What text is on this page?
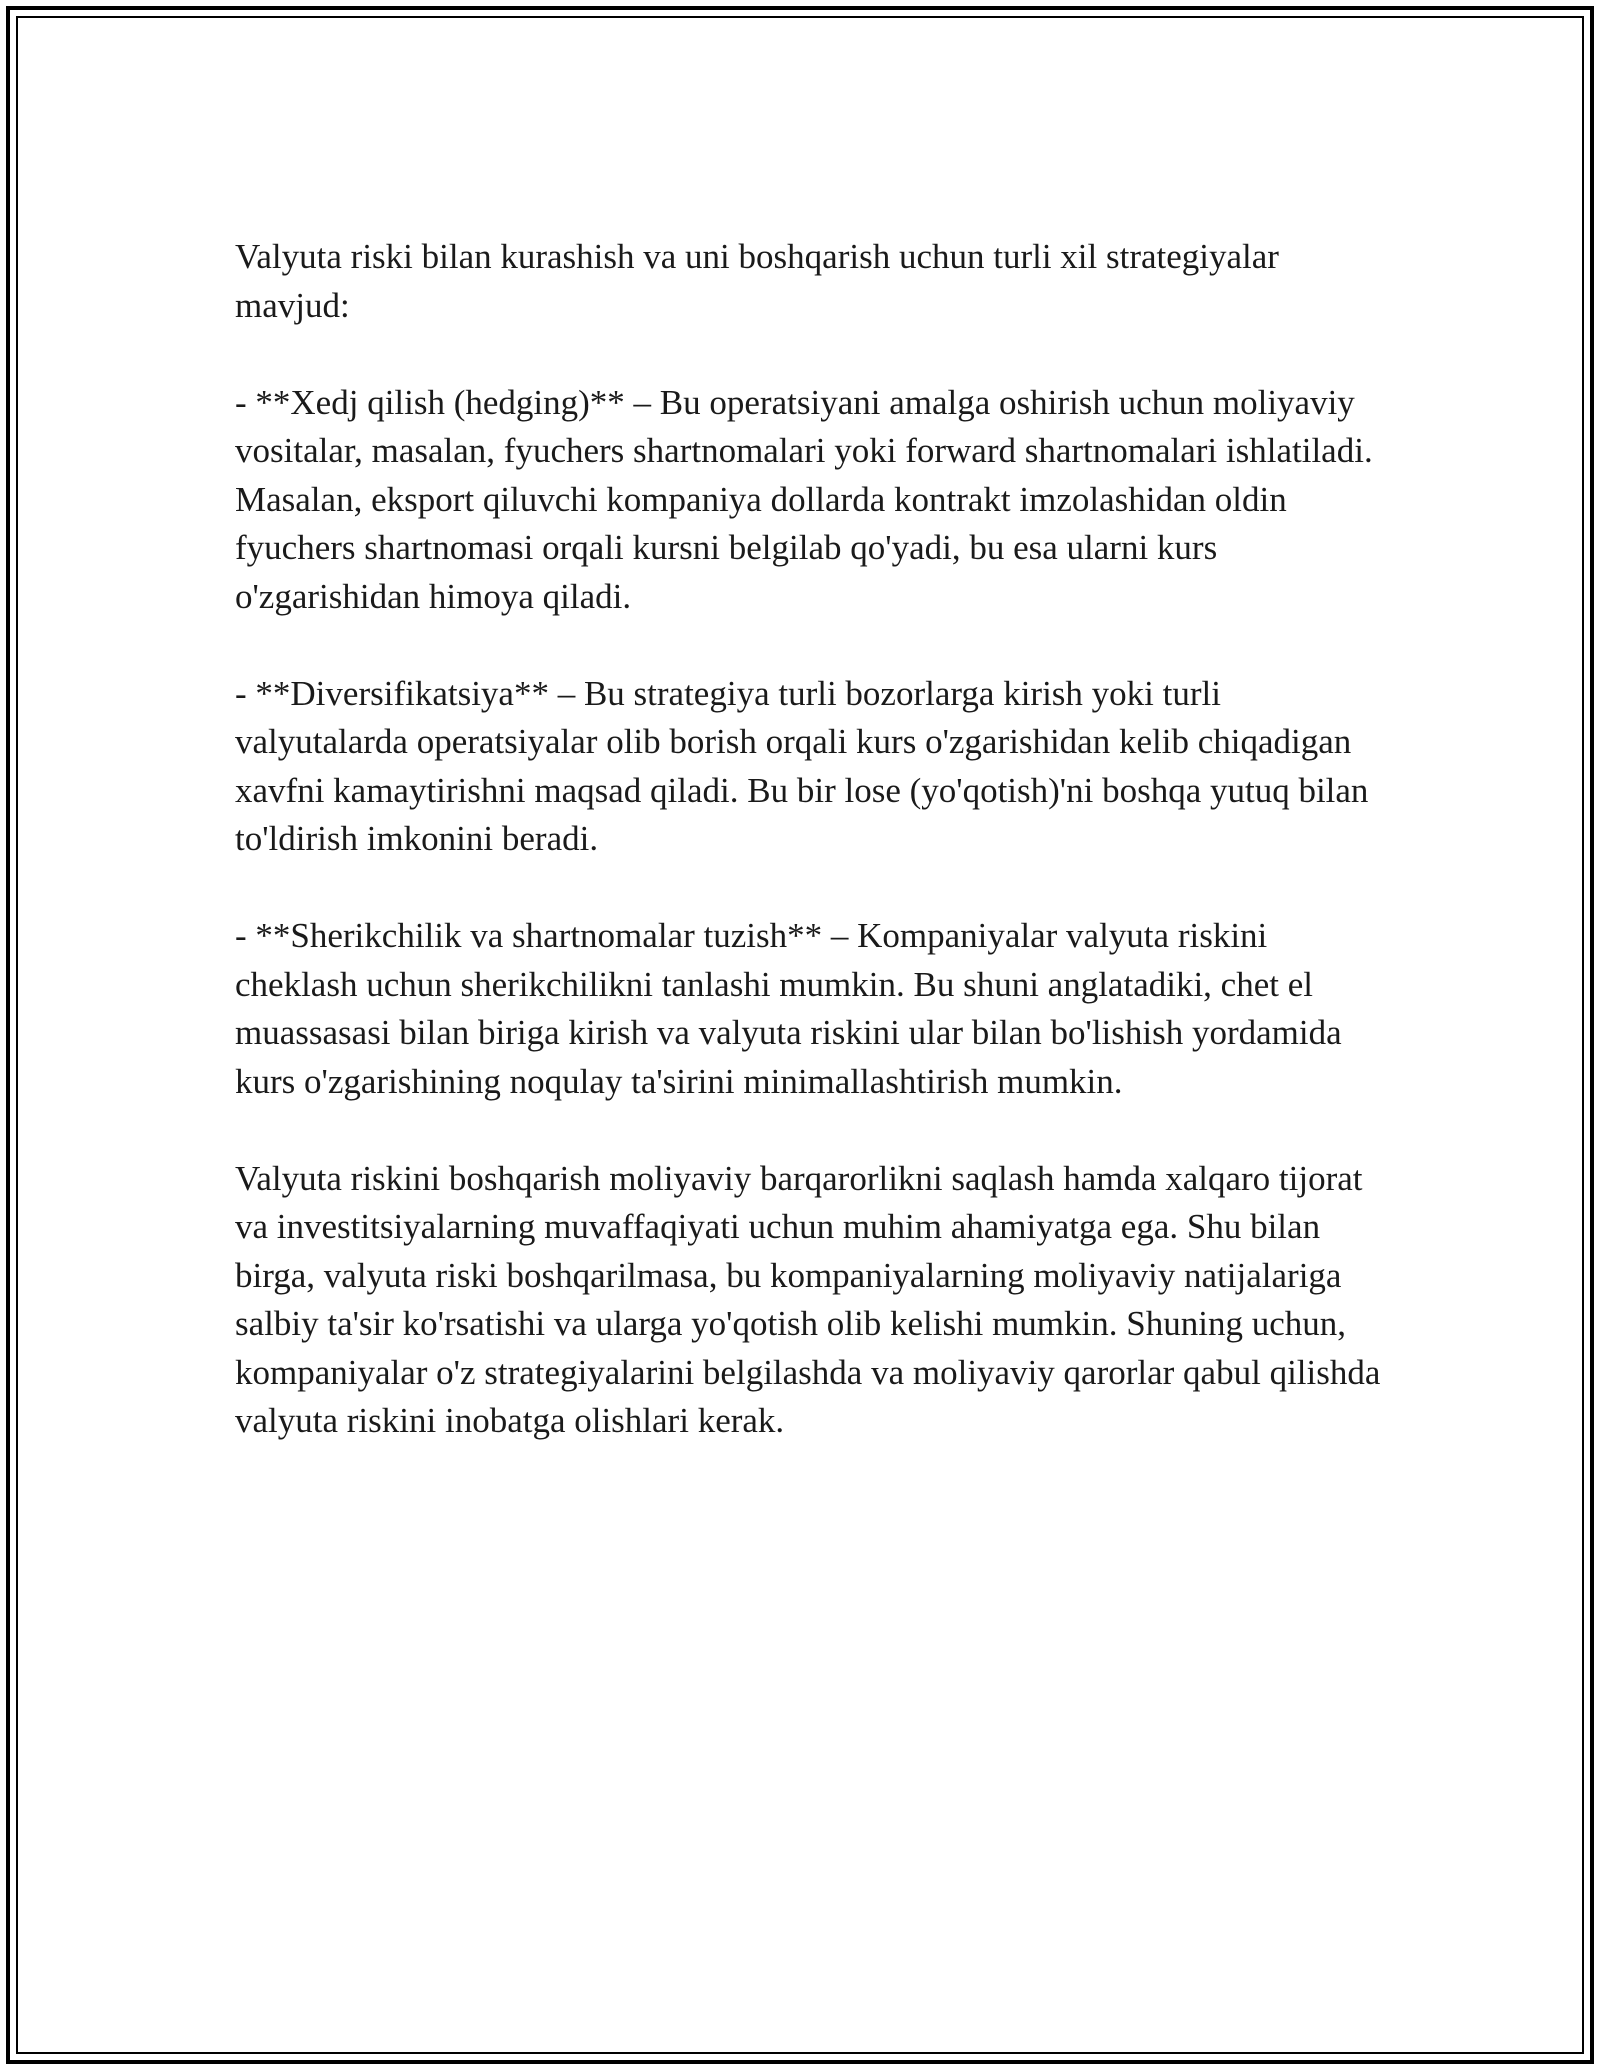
Valyuta riski bilan kurashish va uni boshqarish uchun turli xil strategiyalar mavjud:

- **Xedj qilish (hedging)** – Bu operatsiyani amalga oshirish uchun moliyaviy vositalar, masalan, fyuchers shartnomalari yoki forward shartnomalari ishlatiladi. Masalan, eksport qiluvchi kompaniya dollarda kontrakt imzolashidan oldin fyuchers shartnomasi orqali kursni belgilab qo'yadi, bu esa ularni kurs o'zgarishidan himoya qiladi.

- **Diversifikatsiya** – Bu strategiya turli bozorlarga kirish yoki turli valyutalarda operatsiyalar olib borish orqali kurs o'zgarishidan kelib chiqadigan xavfni kamaytirishni maqsad qiladi. Bu bir lose (yo'qotish)'ni boshqa yutuq bilan to'ldirish imkonini beradi.

- **Sherikchilik va shartnomalar tuzish** – Kompaniyalar valyuta riskini cheklash uchun sherikchilikni tanlashi mumkin. Bu shuni anglatadiki, chet el muassasasi bilan biriga kirish va valyuta riskini ular bilan bo'lishish yordamida kurs o'zgarishining noqulay ta'sirini minimallashtirish mumkin.

Valyuta riskini boshqarish moliyaviy barqarorlikni saqlash hamda xalqaro tijorat va investitsiyalarning muvaffaqiyati uchun muhim ahamiyatga ega. Shu bilan birga, valyuta riski boshqarilmasa, bu kompaniyalarning moliyaviy natijalariga salbiy ta'sir ko'rsatishi va ularga yo'qotish olib kelishi mumkin. Shuning uchun, kompaniyalar o'z strategiyalarini belgilashda va moliyaviy qarorlar qabul qilishda valyuta riskini inobatga olishlari kerak.
